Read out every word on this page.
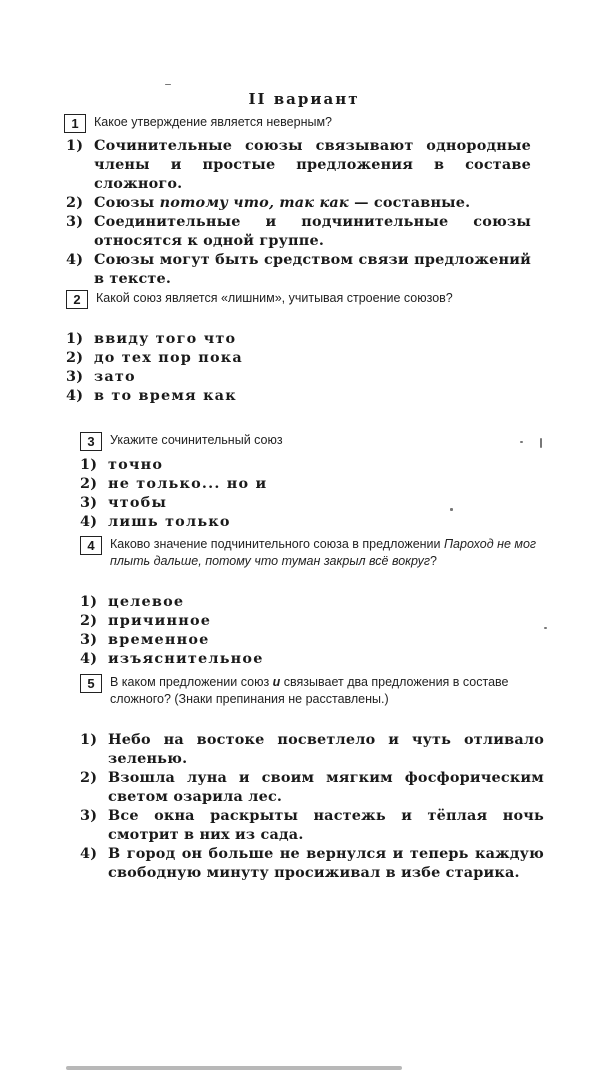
II вариант
1	Какое утверждение является неверным?
1) Сочинительные союзы связывают однородные члены и простые предложения в составе сложного.
2) Союзы потому что, так как — составные.
3) Соединительные и подчинительные союзы относятся к одной группе.
4) Союзы могут быть средством связи предложений в тексте.
2	Какой союз является «лишним», учитывая строение союзов?
1) ввиду того что
2) до тех пор пока
3) зато
4) в то время как
3	Укажите сочинительный союз
1) точно
2) не только... но и
3) чтобы
4) лишь только
4	Каково значение подчинительного союза в предложении Пароход не мог плыть дальше, потому что туман закрыл всё вокруг?
1) целевое
2) причинное
3) временное
4) изъяснительное
5	В каком предложении союз и связывает два предложения в составе сложного? (Знаки препинания не расставлены.)
1) Небо на востоке посветлело и чуть отливало зеленью.
2) Взошла луна и своим мягким фосфорическим светом озарила лес.
3) Все окна раскрыты настежь и тёплая ночь смотрит в них из сада.
4) В город он больше не вернулся и теперь каждую свободную минуту просиживал в избе старика.
